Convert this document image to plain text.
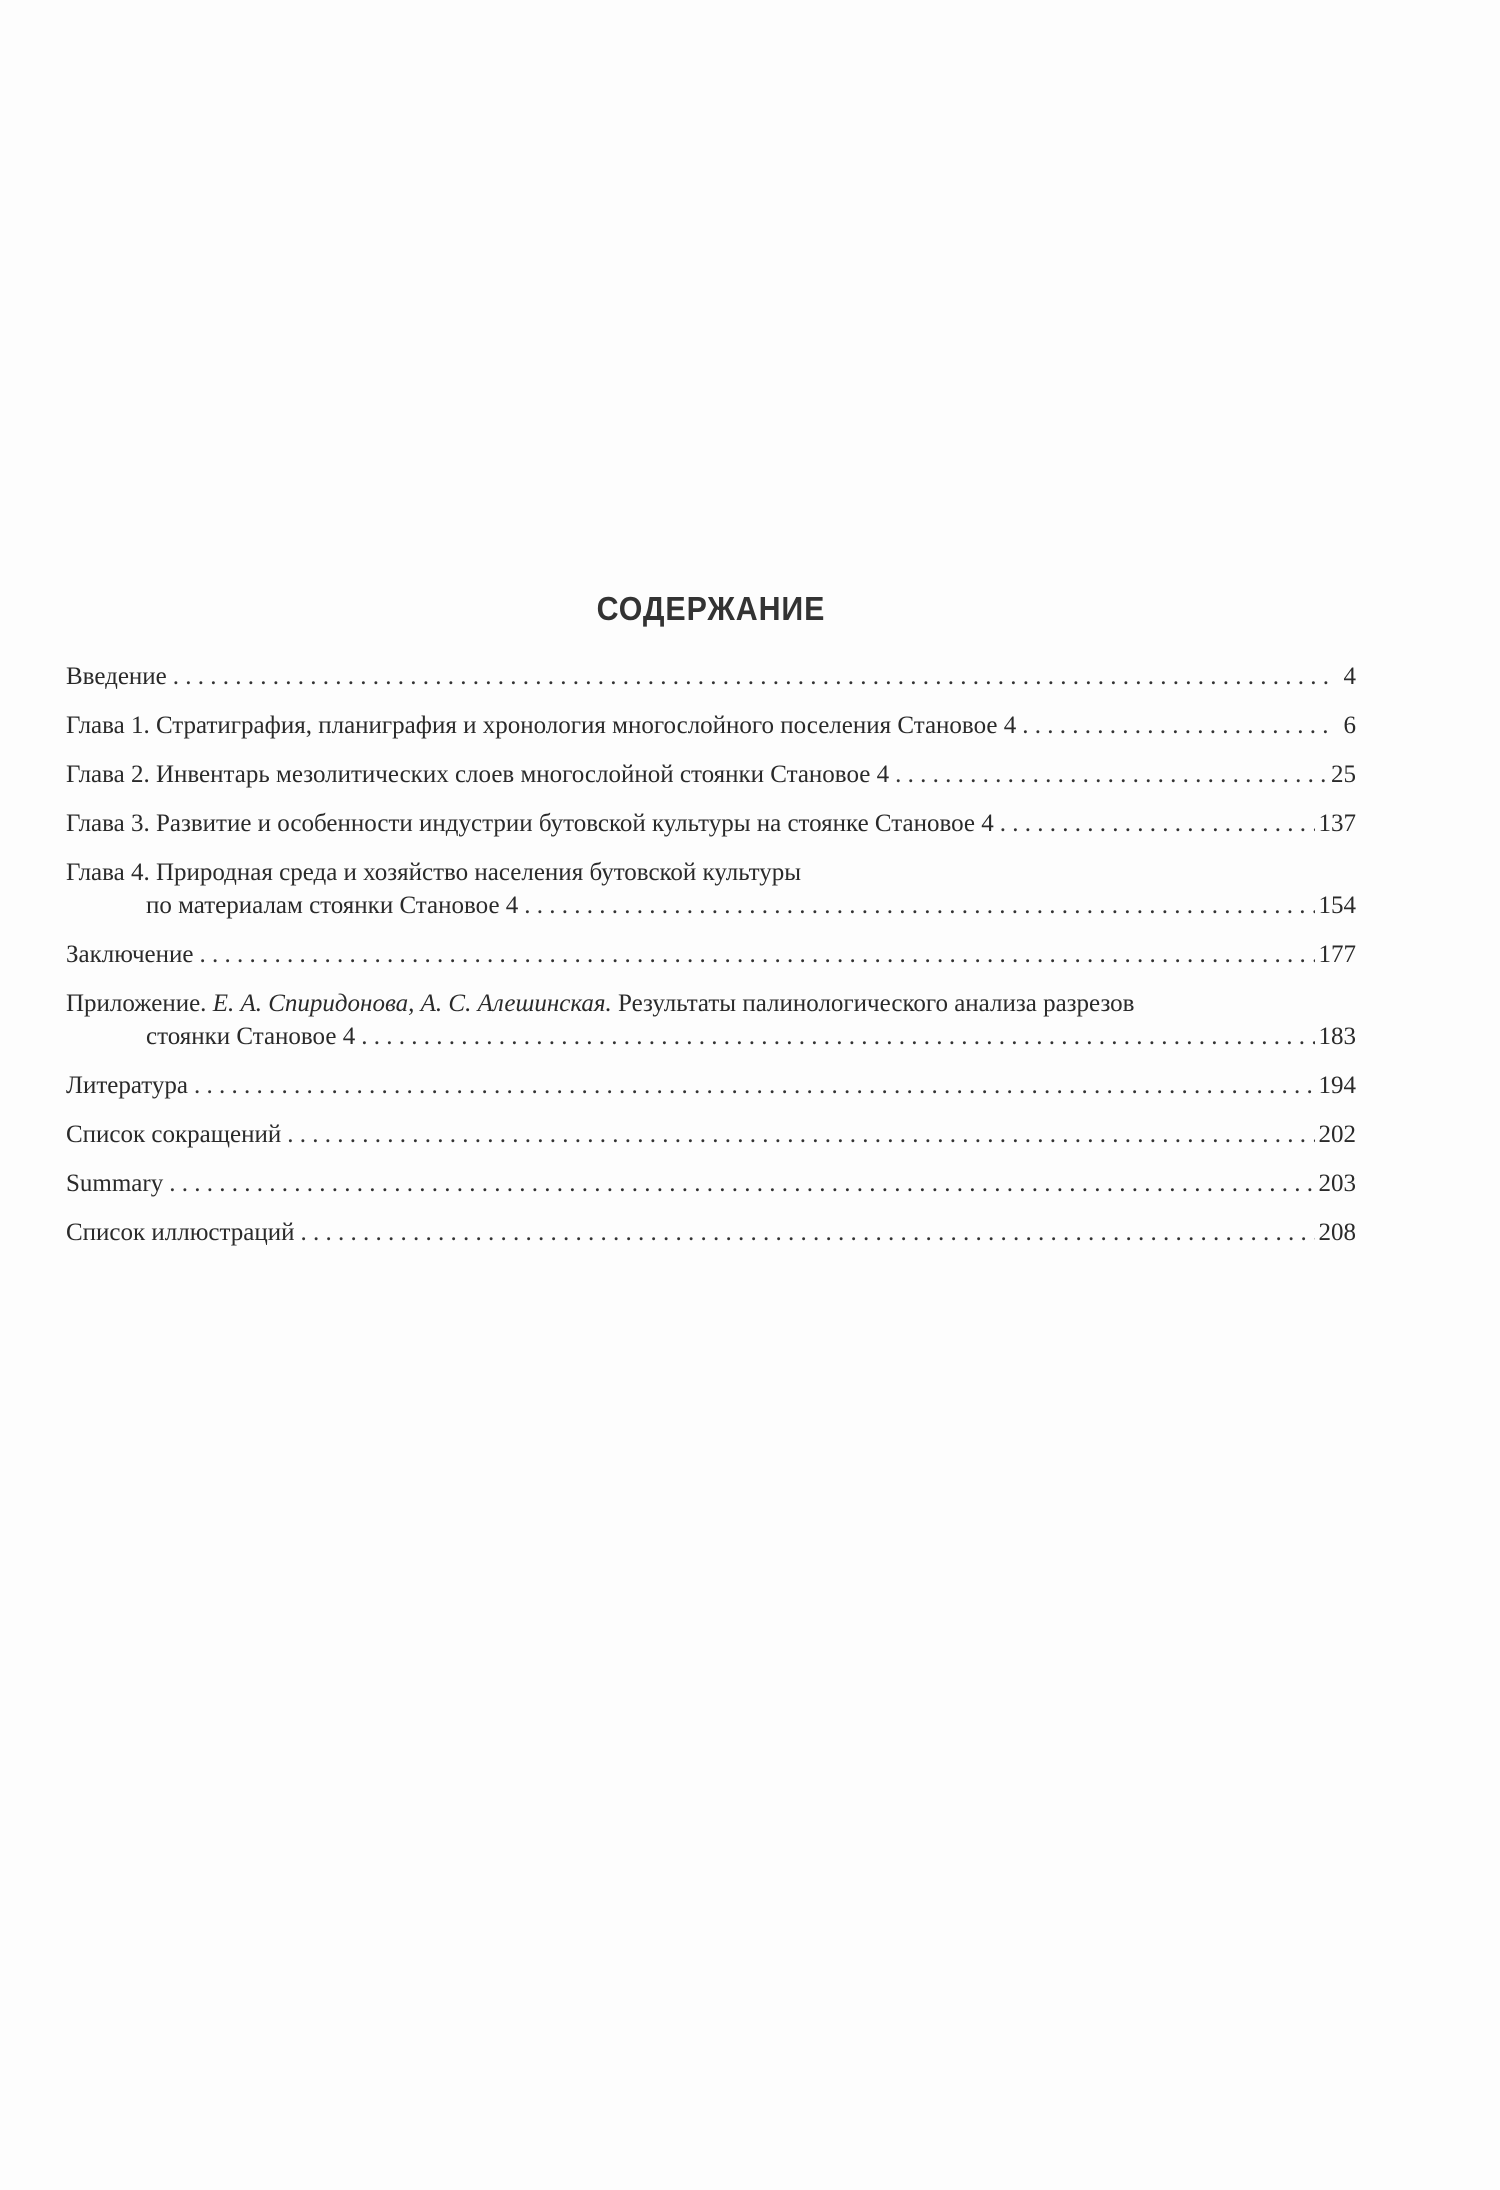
СОДЕРЖАНИЕ
Введение . . .	4
Глава 1. Стратиграфия, планиграфия и хронология многослойного поселения Становое 4 . . .	6
Глава 2. Инвентарь мезолитических слоев многослойной стоянки Становое 4 . . .	25
Глава 3. Развитие и особенности индустрии бутовской культуры на стоянке Становое 4 . . .	137
Глава 4. Природная среда и хозяйство населения бутовской культуры
по материалам стоянки Становое 4 . . .	154
Заключение . . .	177
Приложение. Е. А. Спиридонова, А. С. Алешинская. Результаты палинологического анализа разрезов
стоянки Становое 4 . . .	183
Литература . . .	194
Список сокращений . . .	202
Summary . . .	203
Список иллюстраций . . .	208
